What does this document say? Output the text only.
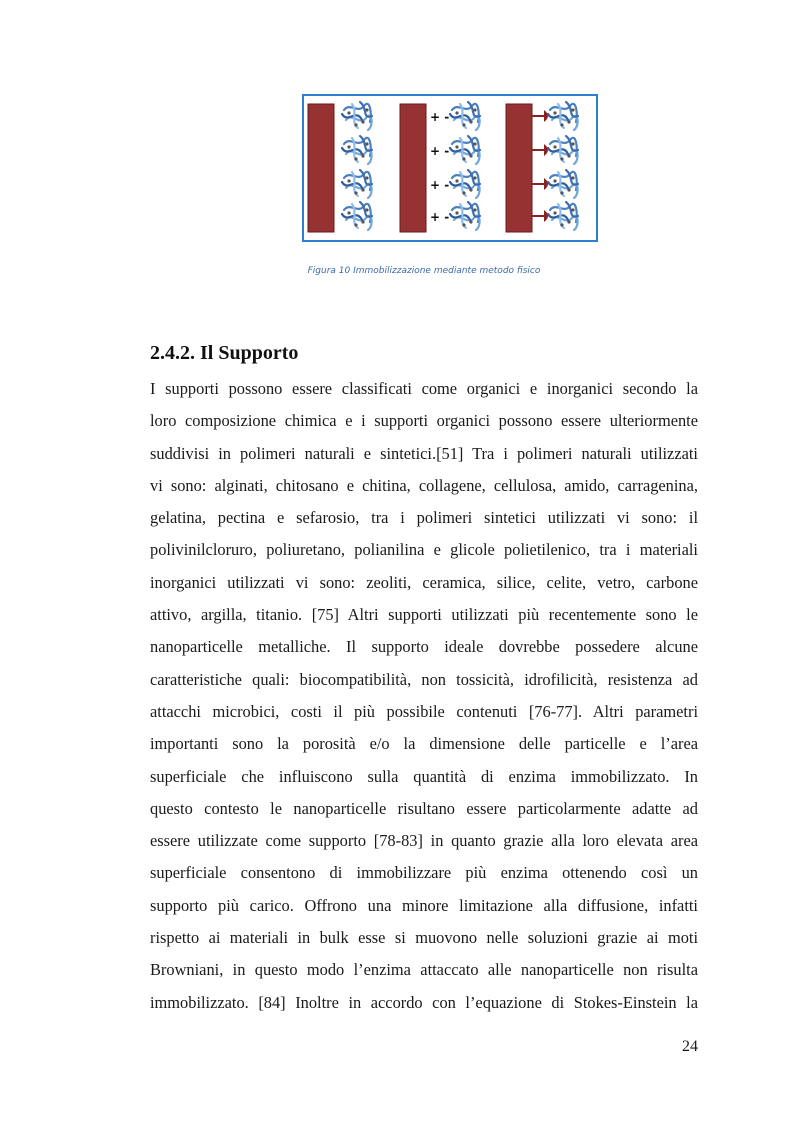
+ -
+ -
+ -
+ -
Figura 10 Immobilizzazione mediante metodo fisico
2.4.2. Il Supporto
I supporti possono essere classificati come organici e inorganici secondo la
loro composizione chimica e i supporti organici possono essere ulteriormente
suddivisi in polimeri naturali e sintetici.[51] Tra i polimeri naturali utilizzati
vi sono: alginati, chitosano e chitina, collagene, cellulosa, amido, carragenina,
gelatina, pectina e sefarosio, tra i polimeri sintetici utilizzati vi sono: il
polivinilcloruro, poliuretano, polianilina e glicole polietilenico, tra i materiali
inorganici utilizzati vi sono: zeoliti, ceramica, silice, celite, vetro, carbone
attivo, argilla, titanio. [75] Altri supporti utilizzati più recentemente sono le
nanoparticelle metalliche. Il supporto ideale dovrebbe possedere alcune
caratteristiche quali: biocompatibilità, non tossicità, idrofilicità, resistenza ad
attacchi microbici, costi il più possibile contenuti [76-77]. Altri parametri
importanti sono la porosità e/o la dimensione delle particelle e l’area
superficiale che influiscono sulla quantità di enzima immobilizzato. In
questo contesto le nanoparticelle risultano essere particolarmente adatte ad
essere utilizzate come supporto [78-83] in quanto grazie alla loro elevata area
superficiale consentono di immobilizzare più enzima ottenendo così un
supporto più carico. Offrono una minore limitazione alla diffusione, infatti
rispetto ai materiali in bulk esse si muovono nelle soluzioni grazie ai moti
Browniani, in questo modo l’enzima attaccato alle nanoparticelle non risulta
immobilizzato. [84] Inoltre in accordo con l’equazione di Stokes-Einstein la
24
